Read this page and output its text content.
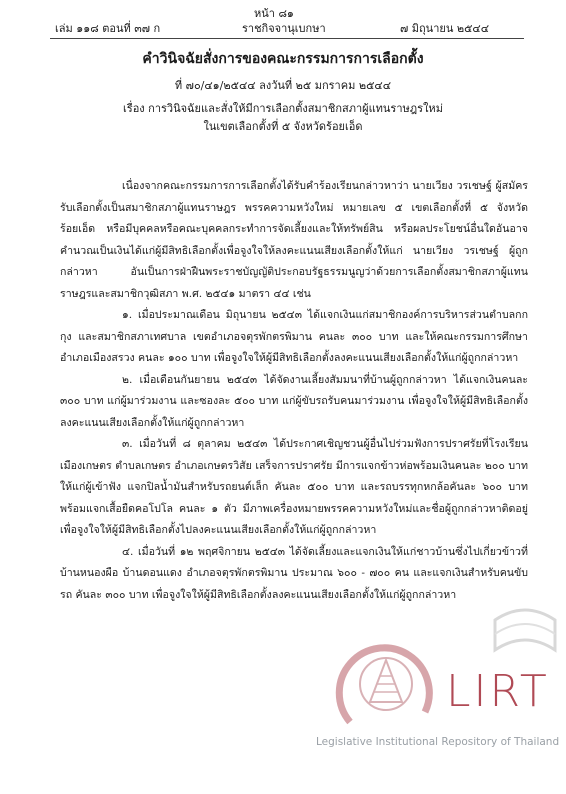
หน้า ๘๑
เล่ม ๑๑๘ ตอนที่ ๓๗ ก	ราชกิจจานุเบกษา	๗ มิถุนายน ๒๕๔๔
คำวินิจฉัยสั่งการของคณะกรรมการการเลือกตั้ง
ที่ ๗๐/๔๑/๒๕๔๔ ลงวันที่ ๒๕ มกราคม ๒๕๔๔
เรื่อง การวินิจฉัยและสั่งให้มีการเลือกตั้งสมาชิกสภาผู้แทนราษฎรใหม่
ในเขตเลือกตั้งที่ ๕ จังหวัดร้อยเอ็ด

เนื่องจากคณะกรรมการการเลือกตั้งได้รับคำร้องเรียนกล่าวหาว่า นายเวียง วรเชษฐ์ ผู้สมัครรับเลือกตั้งเป็นสมาชิกสภาผู้แทนราษฎร พรรคความหวังใหม่ หมายเลข ๕ เขตเลือกตั้งที่ ๕ จังหวัดร้อยเอ็ด หรือมีบุคคลหรือคณะบุคคลกระทำการจัดเลี้ยงและให้ทรัพย์สิน หรือผลประโยชน์อื่นใดอันอาจคำนวณเป็นเงินได้แก่ผู้มีสิทธิเลือกตั้งเพื่อจูงใจให้ลงคะแนนเสียงเลือกตั้งให้แก่ นายเวียง วรเชษฐ์ ผู้ถูกกล่าวหา อันเป็นการฝ่าฝืนพระราชบัญญัติประกอบรัฐธรรมนูญว่าด้วยการเลือกตั้งสมาชิกสภาผู้แทนราษฎรและสมาชิกวุฒิสภา พ.ศ. ๒๕๔๑ มาตรา ๔๔ เช่น

๑. เมื่อประมาณเดือน มิถุนายน ๒๕๔๓ ได้แจกเงินแก่สมาชิกองค์การบริหารส่วนตำบลกกกุง และสมาชิกสภาเทศบาล เขตอำเภอจตุรพักตรพิมาน คนละ ๓๐๐ บาท และให้คณะกรรมการศึกษาอำเภอเมืองสรวง คนละ ๑๐๐ บาท เพื่อจูงใจให้ผู้มีสิทธิเลือกตั้งลงคะแนนเสียงเลือกตั้งให้แก่ผู้ถูกกล่าวหา

๒. เมื่อเดือนกันยายน ๒๕๔๓ ได้จัดงานเลี้ยงสัมมนาที่บ้านผู้ถูกกล่าวหา ได้แจกเงินคนละ ๓๐๐ บาท แก่ผู้มาร่วมงาน และซองละ ๕๐๐ บาท แก่ผู้ขับรถรับคนมาร่วมงาน เพื่อจูงใจให้ผู้มีสิทธิเลือกตั้งลงคะแนนเสียงเลือกตั้งให้แก่ผู้ถูกกล่าวหา

๓. เมื่อวันที่ ๘ ตุลาคม ๒๕๔๓ ได้ประกาศเชิญชวนผู้อื่นไปร่วมฟังการปราศรัยที่โรงเรียนเมืองเกษตร ตำบลเกษตร อำเภอเกษตรวิสัย เสร็จการปราศรัย มีการแจกข้าวห่อพร้อมเงินคนละ ๒๐๐ บาท ให้แก่ผู้เข้าฟัง แจกปิลน้ำมันสำหรับรถยนต์เล็ก คันละ ๕๐๐ บาท และรถบรรทุกหกล้อคันละ ๖๐๐ บาท พร้อมแจกเสื้อยืดคอโปโล คนละ ๑ ตัว มีภาพเครื่องหมายพรรคความหวังใหม่และชื่อผู้ถูกกล่าวหาติดอยู่ เพื่อจูงใจให้ผู้มีสิทธิเลือกตั้งไปลงคะแนนเสียงเลือกตั้งให้แก่ผู้ถูกกล่าวหา

๔. เมื่อวันที่ ๑๒ พฤศจิกายน ๒๕๔๓ ได้จัดเลี้ยงและแจกเงินให้แก่ชาวบ้านซึ่งไปเกี่ยวข้าวที่บ้านหนองผือ บ้านดอนแดง อำเภอจตุรพักตรพิมาน ประมาณ ๖๐๐ - ๗๐๐ คน และแจกเงินสำหรับคนขับรถ คันละ ๓๐๐ บาท เพื่อจูงใจให้ผู้มีสิทธิเลือกตั้งลงคะแนนเสียงเลือกตั้งให้แก่ผู้ถูกกล่าวหา

LIRT
Legislative Institutional Repository of Thailand
